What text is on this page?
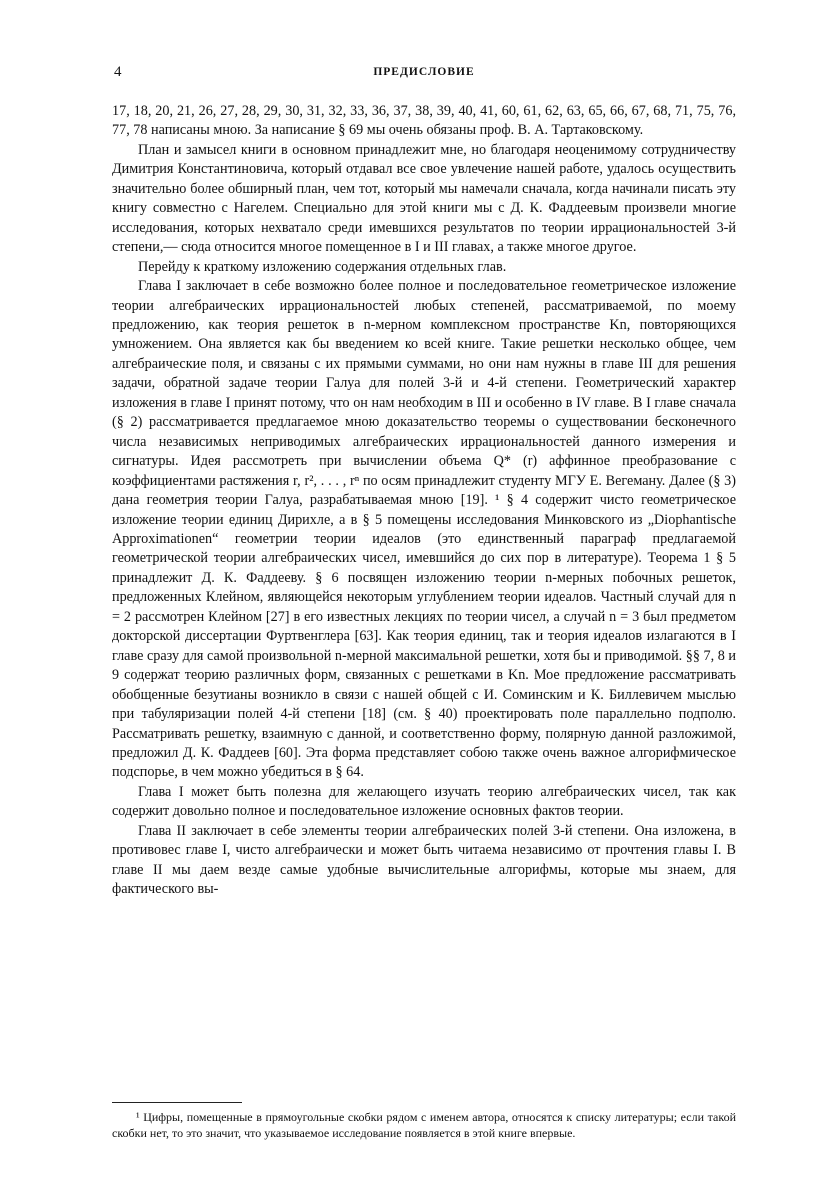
4	ПРЕДИСЛОВИЕ

17, 18, 20, 21, 26, 27, 28, 29, 30, 31, 32, 33, 36, 37, 38, 39, 40, 41, 60, 61, 62, 63, 65, 66, 67, 68, 71, 75, 76, 77, 78 написаны мною. За написание § 69 мы очень обязаны проф. В. А. Тартаковскому.

План и замысел книги в основном принадлежит мне, но благодаря неоценимому сотрудничеству Димитрия Константиновича, который отдавал все свое увлечение нашей работе, удалось осуществить значительно более обширный план, чем тот, который мы намечали сначала, когда начинали писать эту книгу совместно с Нагелем. Специально для этой книги мы с Д. К. Фаддеевым произвели многие исследования, которых нехватало среди имевшихся результатов по теории иррациональностей 3-й степени,— сюда относится многое помещенное в I и III главах, а также многое другое.

Перейду к краткому изложению содержания отдельных глав.

Глава I заключает в себе возможно более полное и последовательное геометрическое изложение теории алгебраических иррациональностей любых степеней, рассматриваемой, по моему предложению, как теория решеток в n-мерном комплексном пространстве Kn, повторяющихся умножением. Она является как бы введением ко всей книге. Такие решетки несколько общее, чем алгебраические поля, и связаны с их прямыми суммами, но они нам нужны в главе III для решения задачи, обратной задаче теории Галуа для полей 3-й и 4-й степени. Геометрический характер изложения в главе I принят потому, что он нам необходим в III и особенно в IV главе. В I главе сначала (§ 2) рассматривается предлагаемое мною доказательство теоремы о существовании бесконечного числа независимых неприводимых алгебраических иррациональностей данного измерения и сигнатуры. Идея рассмотреть при вычислении объема Q* (r) аффинное преобразование с коэффициентами растяжения r, r², . . . , rⁿ по осям принадлежит студенту МГУ Е. Вегеману. Далее (§ 3) дана геометрия теории Галуа, разрабатываемая мною [19]. ¹ § 4 содержит чисто геометрическое изложение теории единиц Дирихле, а в § 5 помещены исследования Минковского из „Diophantische Approximationen“ геометрии теории идеалов (это единственный параграф предлагаемой геометрической теории алгебраических чисел, имевшийся до сих пор в литературе). Теорема 1 § 5 принадлежит Д. К. Фаддееву. § 6 посвящен изложению теории n-мерных побочных решеток, предложенных Клейном, являющейся некоторым углублением теории идеалов. Частный случай для n = 2 рассмотрен Клейном [27] в его известных лекциях по теории чисел, а случай n = 3 был предметом докторской диссертации Фуртвенглера [63]. Как теория единиц, так и теория идеалов излагаются в I главе сразу для самой произвольной n-мерной максимальной решетки, хотя бы и приводимой. §§ 7, 8 и 9 содержат теорию различных форм, связанных с решетками в Kn. Мое предложение рассматривать обобщенные безутианы возникло в связи с нашей общей с И. Соминским и К. Биллевичем мыслью при табуляризации полей 4-й степени [18] (см. § 40) проектировать поле параллельно подполю. Рассматривать решетку, взаимную с данной, и соответственно форму, полярную данной разложимой, предложил Д. К. Фаддеев [60]. Эта форма представляет собою также очень важное алгорифмическое подспорье, в чем можно убедиться в § 64.

Глава I может быть полезна для желающего изучать теорию алгебраических чисел, так как содержит довольно полное и последовательное изложение основных фактов теории.

Глава II заключает в себе элементы теории алгебраических полей 3-й степени. Она изложена, в противовес главе I, чисто алгебраически и может быть читаема независимо от прочтения главы I. В главе II мы даем везде самые удобные вычислительные алгорифмы, которые мы знаем, для фактического вы-

¹ Цифры, помещенные в прямоугольные скобки рядом с именем автора, относятся к списку литературы; если такой скобки нет, то это значит, что указываемое исследование появляется в этой книге впервые.
